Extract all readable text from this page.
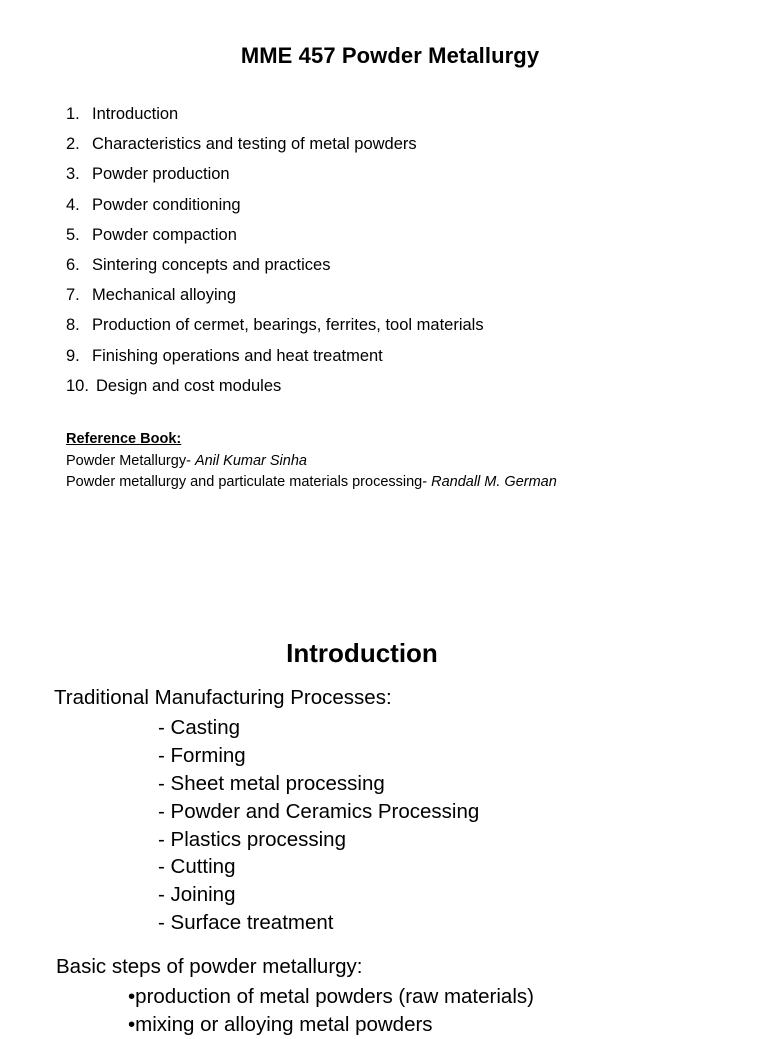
MME 457 Powder Metallurgy
1. Introduction
2. Characteristics and testing of metal powders
3. Powder production
4. Powder conditioning
5. Powder compaction
6. Sintering concepts and practices
7. Mechanical alloying
8. Production of cermet, bearings, ferrites, tool materials
9. Finishing operations and heat treatment
10. Design and cost modules
Reference Book:
Powder Metallurgy- Anil Kumar Sinha
Powder metallurgy and particulate materials processing- Randall M. German
Introduction
Traditional Manufacturing Processes:
- Casting
- Forming
- Sheet metal processing
- Powder and Ceramics Processing
- Plastics processing
- Cutting
- Joining
- Surface treatment
Basic steps of powder metallurgy:
•production of metal powders (raw materials)
•mixing or alloying metal powders
